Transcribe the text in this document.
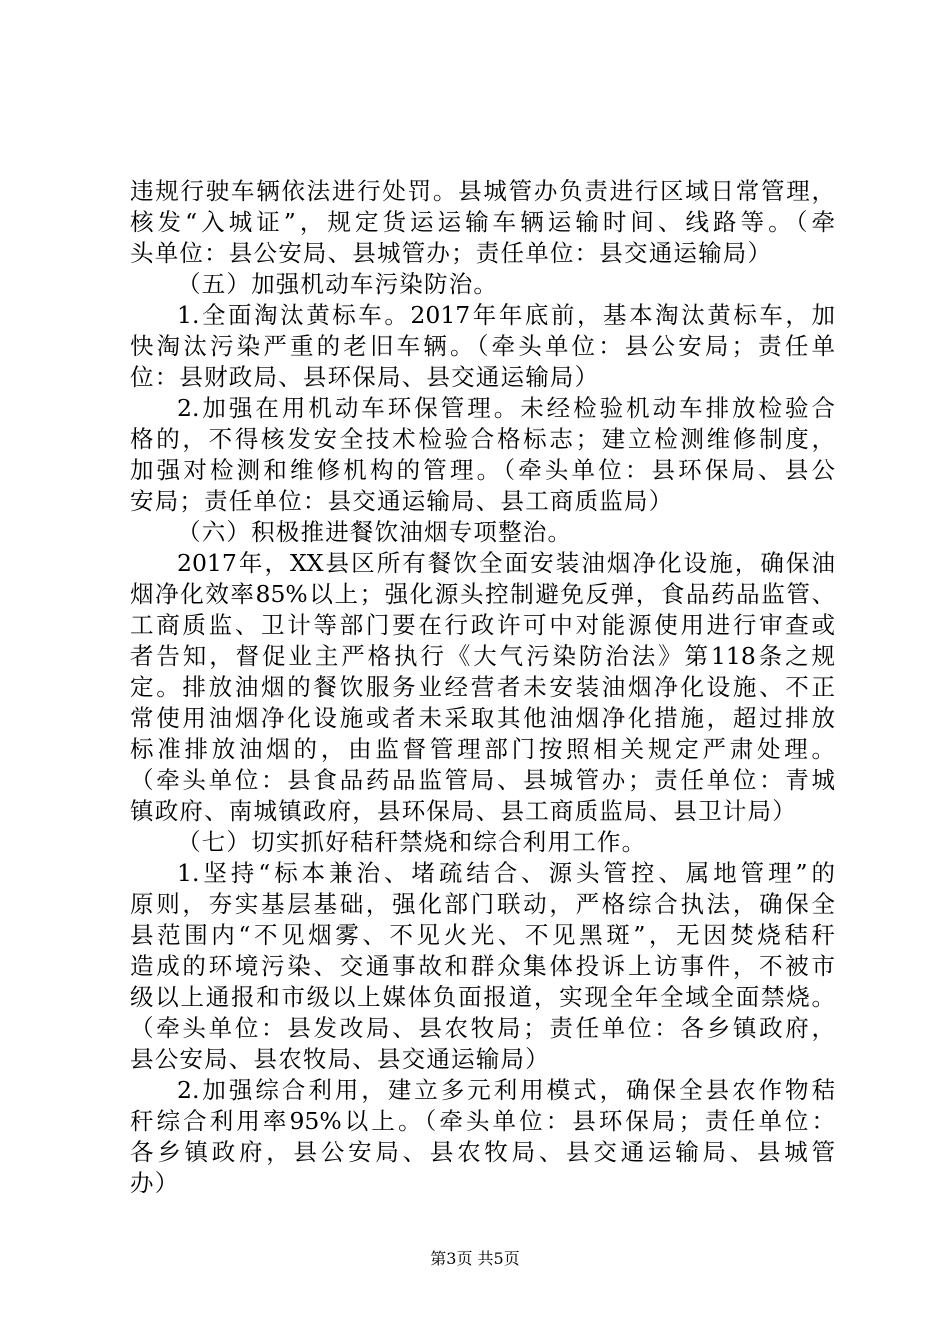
违规行驶车辆依法进行处罚。县城管办负责进行区域日常管理，
核发“入城证”，规定货运运输车辆运输时间、线路等。（牵
头单位：县公安局、县城管办；责任单位：县交通运输局）
（五）加强机动车污染防治。
1.全面淘汰黄标车。2017年年底前，基本淘汰黄标车，加
快淘汰污染严重的老旧车辆。（牵头单位：县公安局；责任单
位：县财政局、县环保局、县交通运输局）
2.加强在用机动车环保管理。未经检验机动车排放检验合
格的，不得核发安全技术检验合格标志；建立检测维修制度，
加强对检测和维修机构的管理。（牵头单位：县环保局、县公
安局；责任单位：县交通运输局、县工商质监局）
（六）积极推进餐饮油烟专项整治。
2017年，XX县区所有餐饮全面安装油烟净化设施，确保油
烟净化效率85%以上；强化源头控制避免反弹，食品药品监管、
工商质监、卫计等部门要在行政许可中对能源使用进行审查或
者告知，督促业主严格执行《大气污染防治法》第118条之规
定。排放油烟的餐饮服务业经营者未安装油烟净化设施、不正
常使用油烟净化设施或者未采取其他油烟净化措施，超过排放
标准排放油烟的，由监督管理部门按照相关规定严肃处理。
（牵头单位：县食品药品监管局、县城管办；责任单位：青城
镇政府、南城镇政府，县环保局、县工商质监局、县卫计局）
（七）切实抓好秸秆禁烧和综合利用工作。
1.坚持“标本兼治、堵疏结合、源头管控、属地管理”的
原则，夯实基层基础，强化部门联动，严格综合执法，确保全
县范围内“不见烟雾、不见火光、不见黑斑”，无因焚烧秸秆
造成的环境污染、交通事故和群众集体投诉上访事件，不被市
级以上通报和市级以上媒体负面报道，实现全年全域全面禁烧。
（牵头单位：县发改局、县农牧局；责任单位：各乡镇政府，
县公安局、县农牧局、县交通运输局）
2.加强综合利用，建立多元利用模式，确保全县农作物秸
秆综合利用率95%以上。（牵头单位：县环保局；责任单位：
各乡镇政府，县公安局、县农牧局、县交通运输局、县城管
办）
第3页 共5页
